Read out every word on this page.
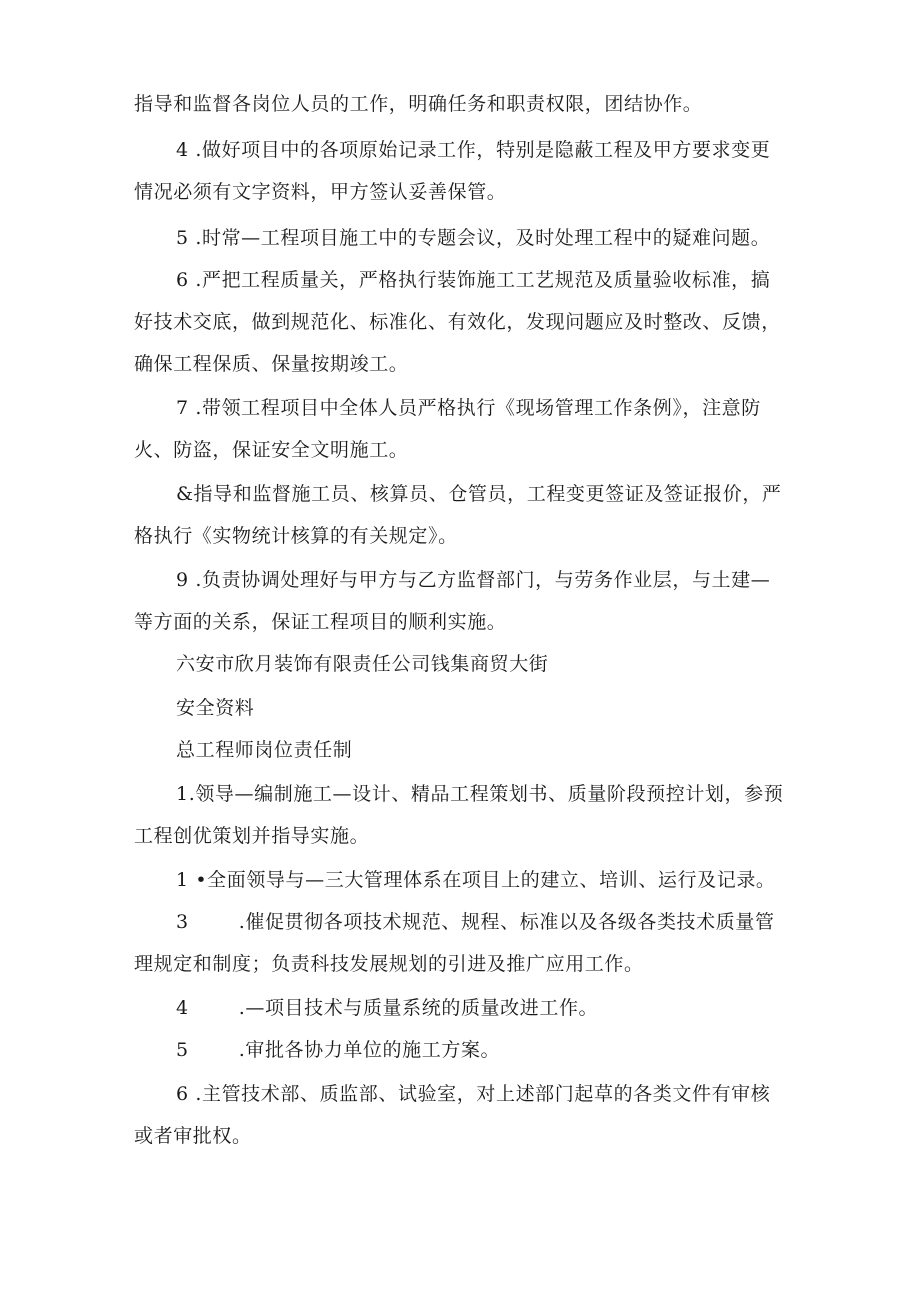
指导和监督各岗位人员的工作，明确任务和职责权限，团结协作。
4 .做好项目中的各项原始记录工作，特别是隐蔽工程及甲方要求变更
情况必须有文字资料，甲方签认妥善保管。
5 .时常—工程项目施工中的专题会议，及时处理工程中的疑难问题。
6 .严把工程质量关，严格执行装饰施工工艺规范及质量验收标准，搞
好技术交底，做到规范化、标准化、有效化，发现问题应及时整改、反馈，
确保工程保质、保量按期竣工。
7 .带领工程项目中全体人员严格执行《现场管理工作条例》，注意防
火、防盗，保证安全文明施工。
&指导和监督施工员、核算员、仓管员，工程变更签证及签证报价，严
格执行《实物统计核算的有关规定》。
9 .负责协调处理好与甲方与乙方监督部门，与劳务作业层，与土建—
等方面的关系，保证工程项目的顺利实施。
六安市欣月装饰有限责任公司钱集商贸大街
安全资料
总工程师岗位责任制
1.领导—编制施工—设计、精品工程策划书、质量阶段预控计划，参预
工程创优策划并指导实施。
1 •全面领导与—三大管理体系在项目上的建立、培训、运行及记录。
3	.催促贯彻各项技术规范、规程、标准以及各级各类技术质量管
理规定和制度；负责科技发展规划的引进及推广应用工作。
4	.—项目技术与质量系统的质量改进工作。
5	.审批各协力单位的施工方案。
6 .主管技术部、质监部、试验室，对上述部门起草的各类文件有审核
或者审批权。
